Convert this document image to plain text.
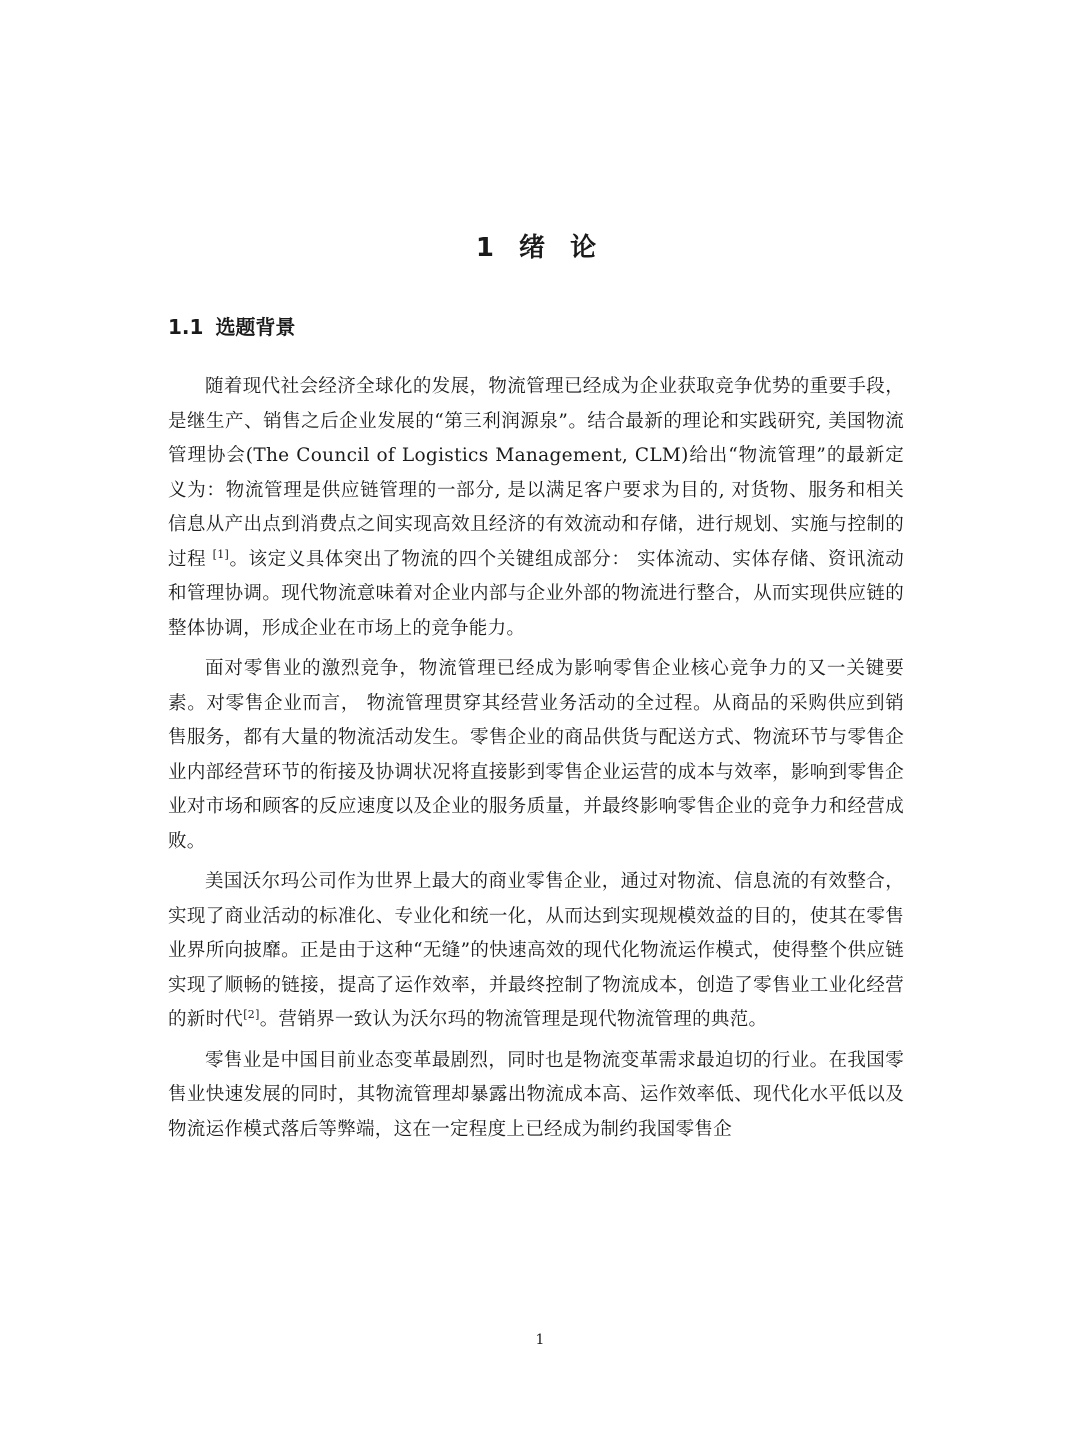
1 绪 论
1.1 选题背景

随着现代社会经济全球化的发展，物流管理已经成为企业获取竞争优势的重要手段，是继生产、销售之后企业发展的“第三利润源泉”。结合最新的理论和实践研究, 美国物流管理协会(The Council of Logistics Management, CLM)给出“物流管理”的最新定义为：物流管理是供应链管理的一部分, 是以满足客户要求为目的, 对货物、服务和相关信息从产出点到消费点之间实现高效且经济的有效流动和存储，进行规划、实施与控制的过程 [1]。该定义具体突出了物流的四个关键组成部分： 实体流动、实体存储、资讯流动和管理协调。现代物流意味着对企业内部与企业外部的物流进行整合，从而实现供应链的整体协调，形成企业在市场上的竞争能力。

面对零售业的激烈竞争，物流管理已经成为影响零售企业核心竞争力的又一关键要素。对零售企业而言， 物流管理贯穿其经营业务活动的全过程。从商品的采购供应到销售服务，都有大量的物流活动发生。零售企业的商品供货与配送方式、物流环节与零售企业内部经营环节的衔接及协调状况将直接影到零售企业运营的成本与效率，影响到零售企业对市场和顾客的反应速度以及企业的服务质量，并最终影响零售企业的竞争力和经营成败。

美国沃尔玛公司作为世界上最大的商业零售企业，通过对物流、信息流的有效整合，实现了商业活动的标准化、专业化和统一化，从而达到实现规模效益的目的，使其在零售业界所向披靡。正是由于这种“无缝”的快速高效的现代化物流运作模式，使得整个供应链实现了顺畅的链接，提高了运作效率，并最终控制了物流成本，创造了零售业工业化经营的新时代[2]。营销界一致认为沃尔玛的物流管理是现代物流管理的典范。

零售业是中国目前业态变革最剧烈，同时也是物流变革需求最迫切的行业。在我国零售业快速发展的同时，其物流管理却暴露出物流成本高、运作效率低、现代化水平低以及物流运作模式落后等弊端，这在一定程度上已经成为制约我国零售企

1
